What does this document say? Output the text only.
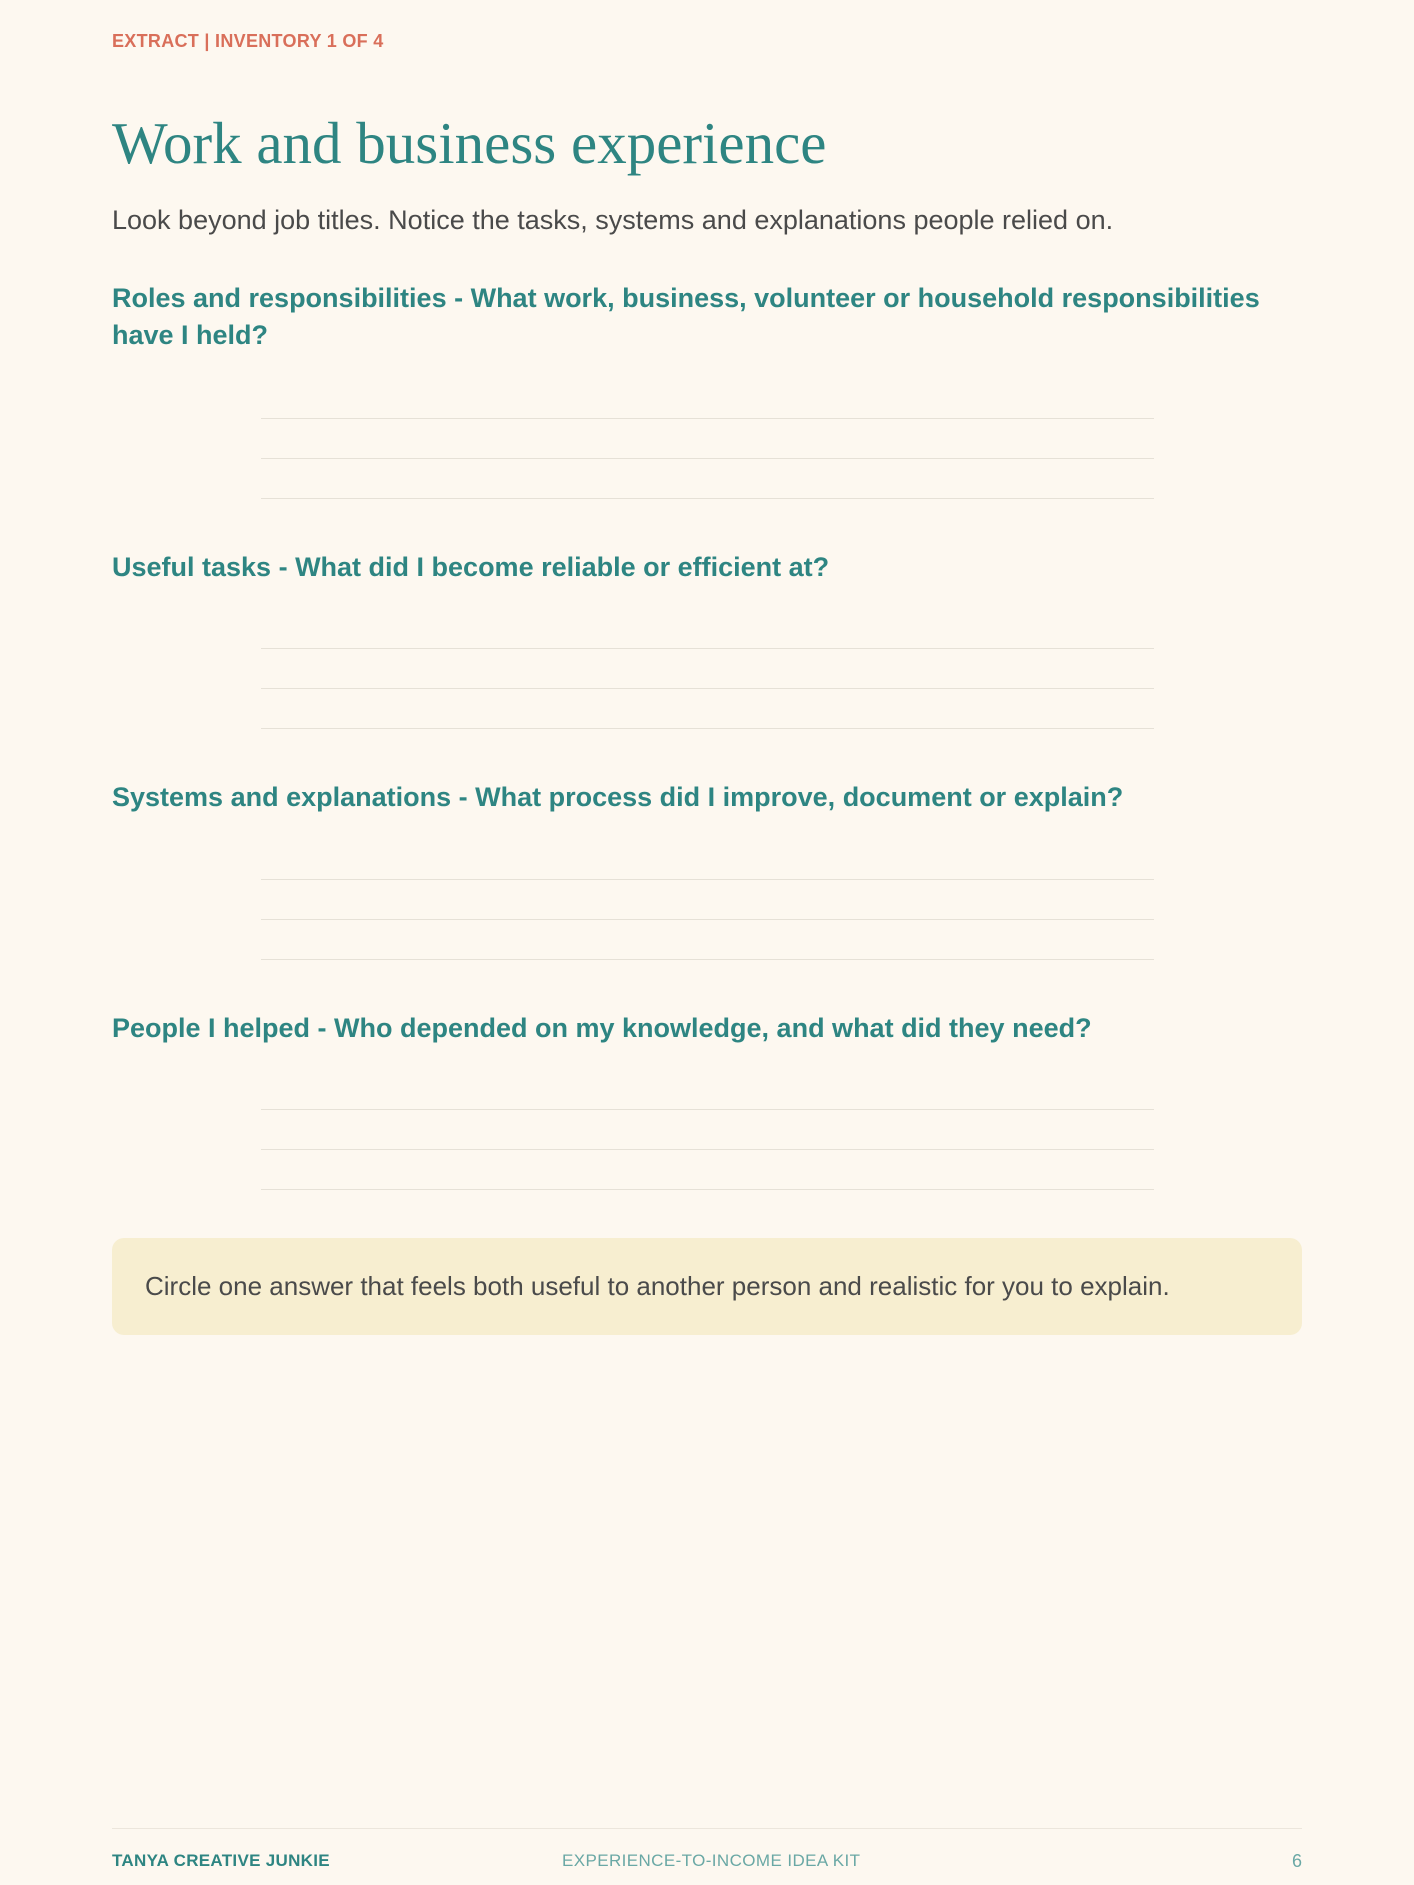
EXTRACT | INVENTORY 1 OF 4
Work and business experience
Look beyond job titles. Notice the tasks, systems and explanations people relied on.
Roles and responsibilities - What work, business, volunteer or household responsibilities have I held?
Useful tasks - What did I become reliable or efficient at?
Systems and explanations - What process did I improve, document or explain?
People I helped - Who depended on my knowledge, and what did they need?
Circle one answer that feels both useful to another person and realistic for you to explain.
TANYA CREATIVE JUNKIE	EXPERIENCE-TO-INCOME IDEA KIT	6
